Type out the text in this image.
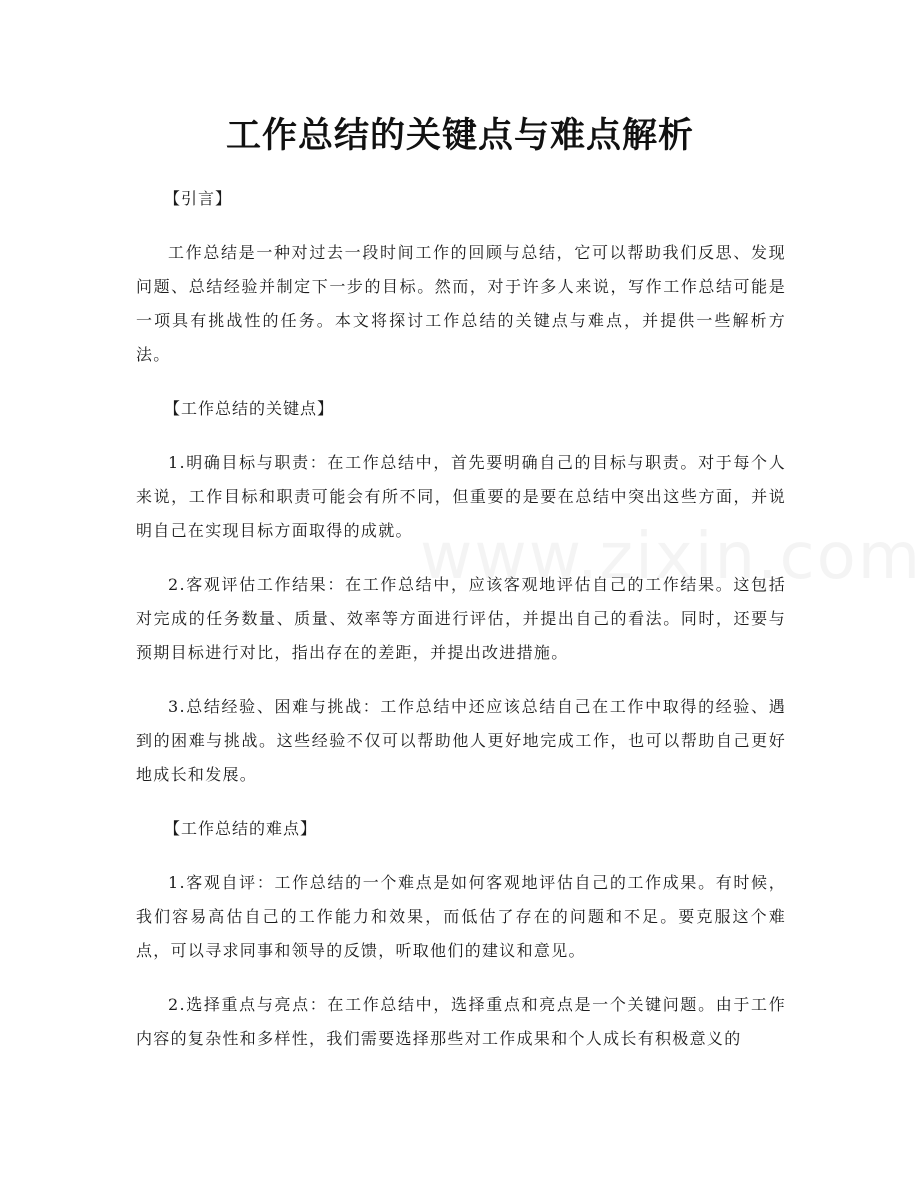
工作总结的关键点与难点解析

【引言】

工作总结是一种对过去一段时间工作的回顾与总结，它可以帮助我们反思、发现问题、总结经验并制定下一步的目标。然而，对于许多人来说，写作工作总结可能是一项具有挑战性的任务。本文将探讨工作总结的关键点与难点，并提供一些解析方法。

【工作总结的关键点】

1.明确目标与职责：在工作总结中，首先要明确自己的目标与职责。对于每个人来说，工作目标和职责可能会有所不同，但重要的是要在总结中突出这些方面，并说明自己在实现目标方面取得的成就。

2.客观评估工作结果：在工作总结中，应该客观地评估自己的工作结果。这包括对完成的任务数量、质量、效率等方面进行评估，并提出自己的看法。同时，还要与预期目标进行对比，指出存在的差距，并提出改进措施。

3.总结经验、困难与挑战：工作总结中还应该总结自己在工作中取得的经验、遇到的困难与挑战。这些经验不仅可以帮助他人更好地完成工作，也可以帮助自己更好地成长和发展。

【工作总结的难点】

1.客观自评：工作总结的一个难点是如何客观地评估自己的工作成果。有时候，我们容易高估自己的工作能力和效果，而低估了存在的问题和不足。要克服这个难点，可以寻求同事和领导的反馈，听取他们的建议和意见。

2.选择重点与亮点：在工作总结中，选择重点和亮点是一个关键问题。由于工作内容的复杂性和多样性，我们需要选择那些对工作成果和个人成长有积极意义的
